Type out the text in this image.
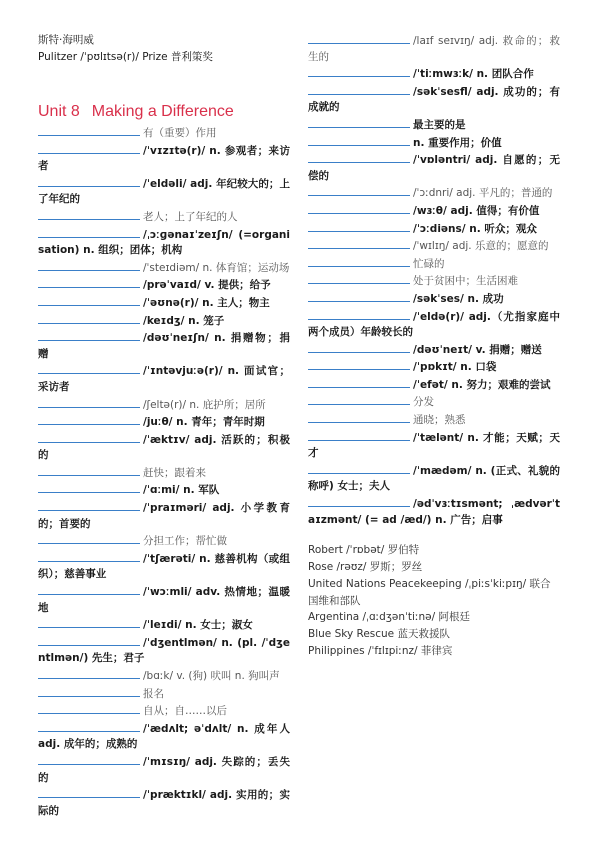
斯特·海明威
Pulitzer /ˈpʊlɪtsə(r)/ Prize 普利策奖
Unit 8 Making a Difference
有（重要）作用
/ˈvɪzɪtə(r)/ n. 参观者；来访者
/ˈeldəli/ adj. 年纪较大的；上了年纪的
老人；上了年纪的人
/ˌɔːɡənaɪˈzeɪʃn/ (=organisation) n. 组织；团体；机构
/ˈsteɪdiəm/ n. 体育馆；运动场
/prəˈvaɪd/ v. 提供；给予
/ˈəʊnə(r)/ n. 主人；物主
/keɪdʒ/ n. 笼子
/dəʊˈneɪʃn/ n. 捐赠物；捐赠
/ˈɪntəvjuːə(r)/ n. 面试官；采访者
/ʃeltə(r)/ n. 庇护所；居所
/juːθ/ n. 青年；青年时期
/ˈæktɪv/ adj. 活跃的；积极的
赶快；跟着来
/ˈɑːmi/ n. 军队
/ˈpraɪməri/ adj. 小学教育的；首要的
分担工作；帮忙做
/ˈtʃærəti/ n. 慈善机构（或组织）；慈善事业
/ˈwɔːmli/ adv. 热情地；温暖地
/ˈleɪdi/ n. 女士；淑女
/ˈdʒentlmən/ n. (pl. /ˈdʒentlmən/) 先生；君子
/bɑːk/ v. (狗) 吠叫 n. 狗叫声
报名
自从；自……以后
/ˈædʌlt; əˈdʌlt/ n. 成年人 adj. 成年的；成熟的
/ˈmɪsɪŋ/ adj. 失踪的；丢失的
/ˈpræktɪkl/ adj. 实用的；实际的
/laɪf seɪvɪŋ/ adj. 救命的；救生的
/ˈtiːmwɜːk/ n. 团队合作
/səkˈsesfl/ adj. 成功的；有成就的
最主要的是
n. 重要作用；价值
/ˈvɒləntri/ adj. 自愿的；无偿的
/ˈɔːdnri/ adj. 平凡的；普通的
/wɜːθ/ adj. 值得；有价值
/ˈɔːdiəns/ n. 听众；观众
/ˈwɪlɪŋ/ adj. 乐意的；愿意的
忙碌的
处于贫困中；生活困难
/səkˈses/ n. 成功
/ˈeldə(r)/ adj.（尤指家庭中两个成员）年龄较长的
/dəʊˈneɪt/ v. 捐赠；赠送
/ˈpɒkɪt/ n. 口袋
/ˈefət/ n. 努力；艰难的尝试
分发
通晓；熟悉
/ˈtælənt/ n. 才能；天赋；天才
/ˈmædəm/ n. (正式、礼貌的称呼) 女士；夫人
/ədˈvɜːtɪsmənt; ˌædvərˈtaɪzmənt/ (= ad /æd/) n. 广告；启事
Robert /ˈrɒbət/ 罗伯特
Rose /rəʊz/ 罗斯；罗丝
United Nations Peacekeeping /ˌpiːsˈkiːpɪŋ/ 联合国维和部队
Argentina /ˌɑːdʒənˈtiːnə/ 阿根廷
Blue Sky Rescue 蓝天救援队
Philippines /ˈfɪlɪpiːnz/ 菲律宾
